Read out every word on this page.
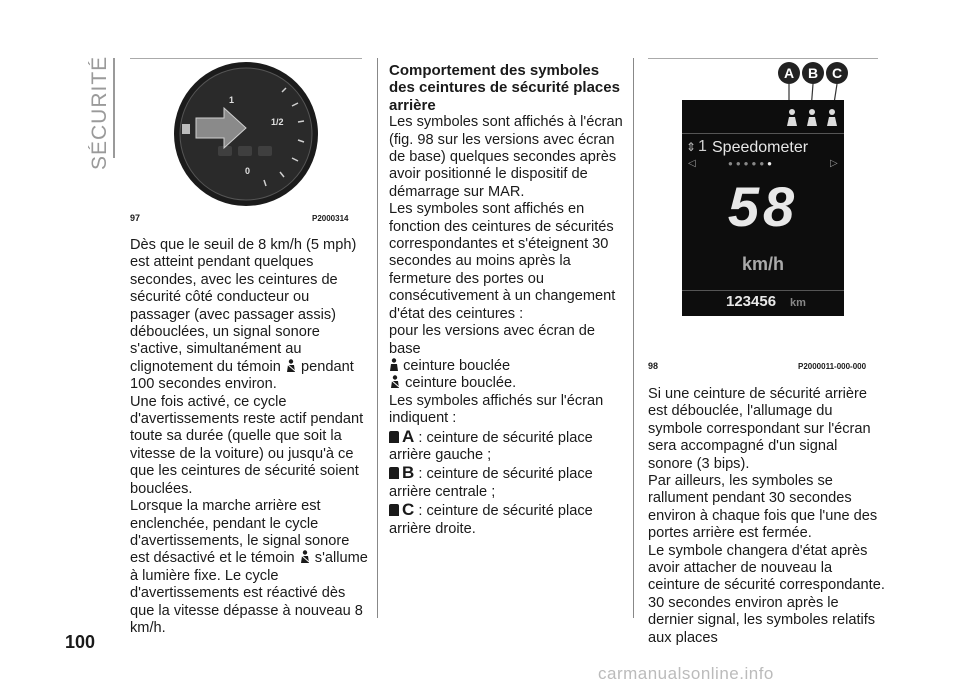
SÉCURITÉ	1
1/2
0
97	P2000314

Dès que le seuil de 8 km/h (5 mph) est atteint pendant quelques secondes, avec les ceintures de sécurité côté conducteur ou passager (avec passager assis) débouclées, un signal sonore s'active, simultanément au clignotement du témoin pendant 100 secondes environ.

Une fois activé, ce cycle d'avertissements reste actif pendant toute sa durée (quelle que soit la vitesse de la voiture) ou jusqu'à ce que les ceintures de sécurité soient bouclées.

Lorsque la marche arrière est enclenchée, pendant le cycle d'avertissements, le signal sonore est désactivé et le témoin s'allume à lumière fixe. Le cycle d'avertissements est réactivé dès que la vitesse dépasse à nouveau 8 km/h.

Comportement des symboles des ceintures de sécurité places arrière

Les symboles sont affichés à l'écran (fig. 98 sur les versions avec écran de base) quelques secondes après avoir positionné le dispositif de démarrage sur MAR.

Les symboles sont affichés en fonction des ceintures de sécurités correspondantes et s'éteignent 30 secondes au moins après la fermeture des portes ou consécutivement à un changement d'état des ceintures :

pour les versions avec écran de base

ceinture bouclée

ceinture bouclée.

Les symboles affichés sur l'écran indiquent :

A : ceinture de sécurité place arrière gauche ;

B : ceinture de sécurité place arrière centrale ;

C : ceinture de sécurité place arrière droite.

A B C
⇕ 1 Speedometer
◁	▷
●●●●●●
58
km/h
123456 km
98	P2000011-000-000

Si une ceinture de sécurité arrière est débouclée, l'allumage du symbole correspondant sur l'écran sera accompagné d'un signal sonore (3 bips).

Par ailleurs, les symboles se rallument pendant 30 secondes environ à chaque fois que l'une des portes arrière est fermée.

Le symbole changera d'état après avoir attacher de nouveau la ceinture de sécurité correspondante.

30 secondes environ après le dernier signal, les symboles relatifs aux places

100
carmanualsonline.info
